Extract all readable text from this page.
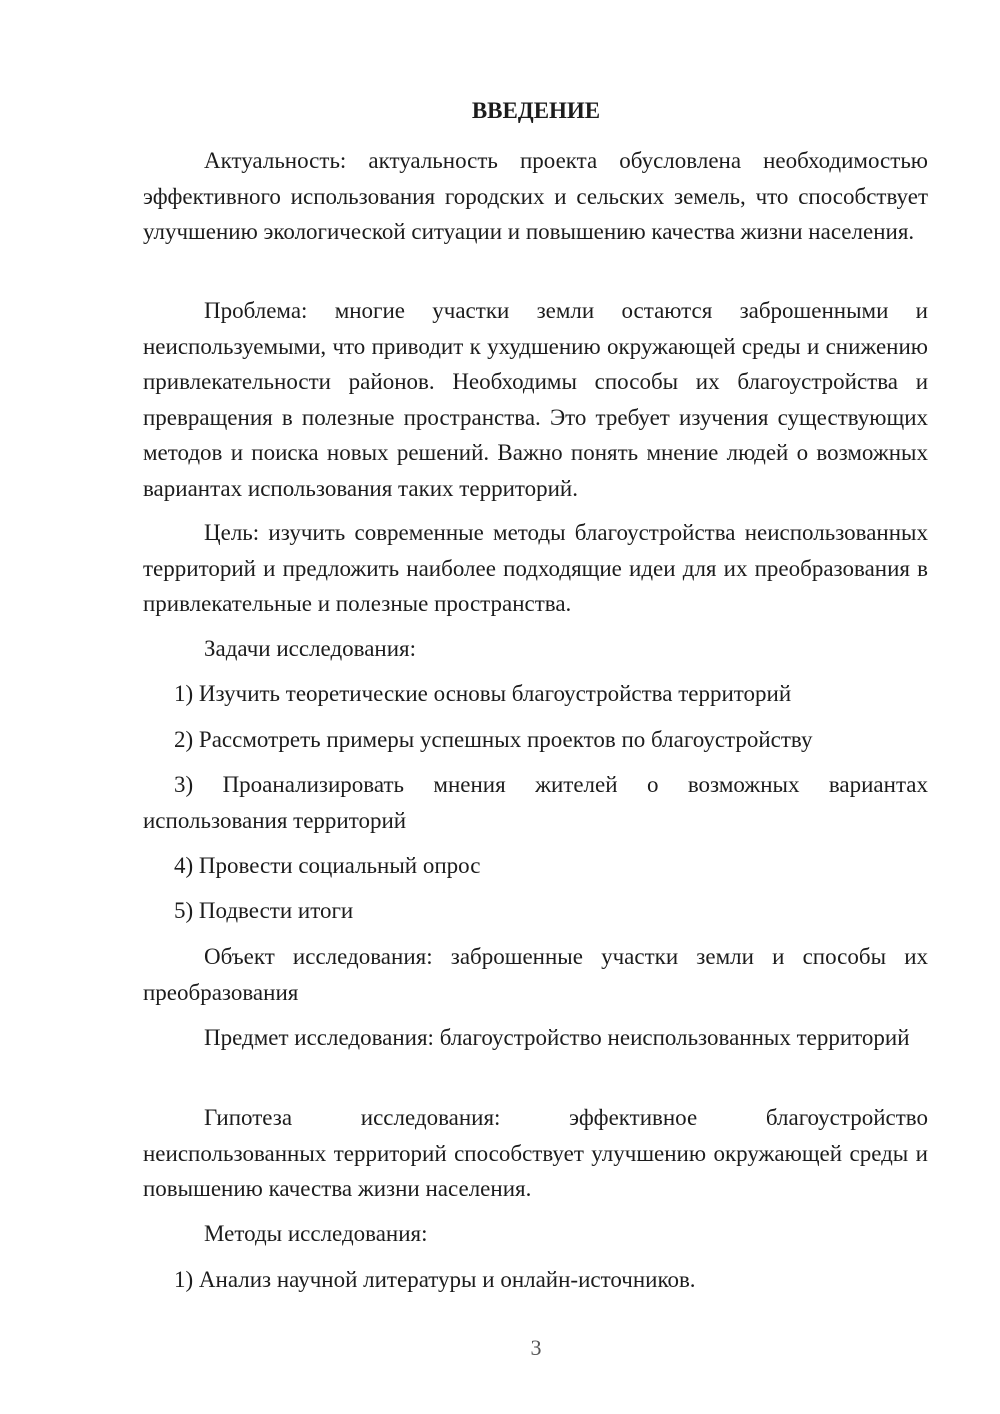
ВВЕДЕНИЕ
Актуальность: актуальность проекта обусловлена необходимостью эффективного использования городских и сельских земель, что способствует улучшению экологической ситуации и повышению качества жизни населения.
Проблема: многие участки земли остаются заброшенными и неиспользуемыми, что приводит к ухудшению окружающей среды и снижению привлекательности районов. Необходимы способы их благоустройства и превращения в полезные пространства. Это требует изучения существующих методов и поиска новых решений. Важно понять мнение людей о возможных вариантах использования таких территорий.
Цель: изучить современные методы благоустройства неиспользованных территорий и предложить наиболее подходящие идеи для их преобразования в привлекательные и полезные пространства.
Задачи исследования:
1) Изучить теоретические основы благоустройства территорий
2) Рассмотреть примеры успешных проектов по благоустройству
3) Проанализировать мнения жителей о возможных вариантах использования территорий
4) Провести социальный опрос
5) Подвести итоги
Объект исследования: заброшенные участки земли и способы их преобразования
Предмет исследования: благоустройство неиспользованных территорий
Гипотеза исследования: эффективное благоустройство неиспользованных территорий способствует улучшению окружающей среды и повышению качества жизни населения.
Методы исследования:
1) Анализ научной литературы и онлайн-источников.
3
